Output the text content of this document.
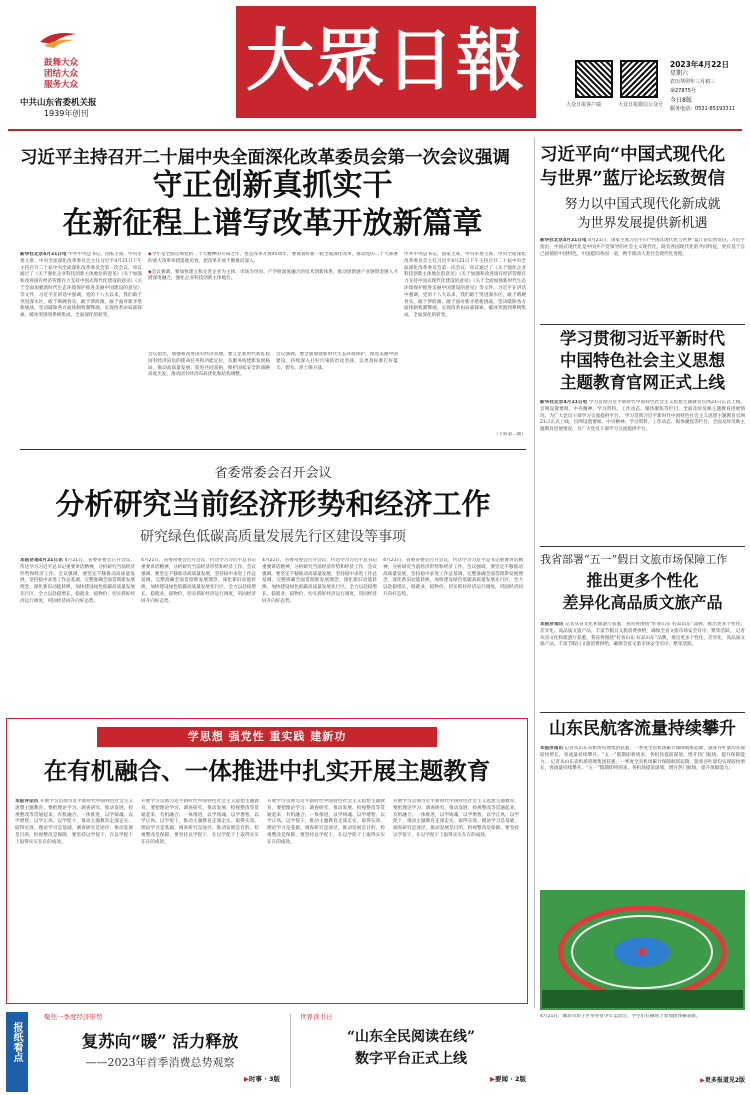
鼓舞大众
团结大众
服务大众
中共山东省委机关报
1939年创刊
大眾日報
大众日报客户端	大众日报微信公众号
2023年4月22日
星期六
农历癸卯年三月初三
第27875号
今日8版
服务电话：0531-85193311
习近平主持召开二十届中央全面深化改革委员会第一次会议强调
守正创新真抓实干
在新征程上谱写改革开放新篇章
新华社北京4月21日电 中共中央总书记、国家主席、中央军委主席、中央全面深化改革委员会主任习近平4月21日下午主持召开二十届中央全面深化改革委员会第一次会议，审议通过了《关于强化企业科技创新主体地位的意见》《关于加强和改进国有经济管理有力支持中国式现代化建设的意见》《关于全面加强新时代生态环境保护推进美丽中国建设的意见》等文件。习近平在讲话中强调，党的十八大以来，我们敢于突进深水区，敢于啃硬骨头，敢于涉险滩，敢于面对新矛盾新挑战，坚决破除各方面体制机制弊端，实现改革由局部探索、破冰突围到系统集成、全面深化的转变。
◆今年是全面贯彻党的二十大精神的开局之年，也是改革开放45周年，要谋划好新一轮全面深化改革，推动党的二十大部署的重大改革举措落地见效，把改革开放不断推向深入。
◆会议强调，要加快建立和完善企业为主体、市场为导向、产学研深度融合的技术创新体系，推动创新链产业链资金链人才链深度融合，强化企业科技创新主体地位。
会议指出，加强和改进国有经济管理，要立足新时代新征程国有经济肩负的使命任务和功能定位，从服务构建新发展格局、推动高质量发展、促进共同富裕、维护国家安全的战略高度出发，推动国有经济布局优化和结构调整。
会议强调，要全面加强新时代生态环境保护，推进美丽中国建设，持续深入打好污染防治攻坚战，以更高标准打好蓝天、碧水、净土保卫战。
中共中央总书记、国家主席、中央军委主席、中央全面深化改革委员会主任习近平4月21日下午主持召开二十届中央全面深化改革委员会第一次会议，审议通过了《关于强化企业科技创新主体地位的意见》《关于加强和改进国有经济管理有力支持中国式现代化建设的意见》《关于全面加强新时代生态环境保护推进美丽中国建设的意见》等文件。习近平在讲话中强调，党的十八大以来，我们敢于突进深水区，敢于啃硬骨头，敢于涉险滩，敢于面对新矛盾新挑战，坚决破除各方面体制机制弊端，实现改革由局部探索、破冰突围到系统集成、全面深化的转变。
（下转第二版）
省委常委会召开会议
分析研究当前经济形势和经济工作
研究绿色低碳高质量发展先行区建设等事项
本报济南4月21日讯 4月21日，省委常委会召开会议，传达学习习近平总书记重要讲话精神，分析研究当前经济形势和经济工作。会议强调，要坚定不移推动高质量发展，坚持稳中求进工作总基调，完整准确全面贯彻新发展理念，深化新旧动能转换，加快建设绿色低碳高质量发展先行区，全力以赴稳增长、稳就业、稳物价，切实抓好经济运行调度，巩固经济回升向好态势。
4月21日，省委常委会召开会议，传达学习习近平总书记重要讲话精神，分析研究当前经济形势和经济工作。会议强调，要坚定不移推动高质量发展，坚持稳中求进工作总基调，完整准确全面贯彻新发展理念，深化新旧动能转换，加快建设绿色低碳高质量发展先行区，全力以赴稳增长、稳就业、稳物价，切实抓好经济运行调度，巩固经济回升向好态势。
4月21日，省委常委会召开会议，传达学习习近平总书记重要讲话精神，分析研究当前经济形势和经济工作。会议强调，要坚定不移推动高质量发展，坚持稳中求进工作总基调，完整准确全面贯彻新发展理念，深化新旧动能转换，加快建设绿色低碳高质量发展先行区，全力以赴稳增长、稳就业、稳物价，切实抓好经济运行调度，巩固经济回升向好态势。
4月21日，省委常委会召开会议，传达学习习近平总书记重要讲话精神，分析研究当前经济形势和经济工作。会议强调，要坚定不移推动高质量发展，坚持稳中求进工作总基调，完整准确全面贯彻新发展理念，深化新旧动能转换，加快建设绿色低碳高质量发展先行区，全力以赴稳增长、稳就业、稳物价，切实抓好经济运行调度，巩固经济回升向好态势。
学思想 强党性 重实践 建新功
在有机融合、一体推进中扎实开展主题教育
本报评论员 开展学习贯彻习近平新时代中国特色社会主义思想主题教育，要把理论学习、调查研究、推动发展、检视整改等贯通起来，有机融合、一体推进，以学铸魂、以学增智、以学正风、以学促干，推动主题教育走深走实、取得实效。理论学习是基础，调查研究是途径，推动发展是目的，检视整改是保障，要坚持以学促干，在以学促干上取得实实在在的成效。
开展学习贯彻习近平新时代中国特色社会主义思想主题教育，要把理论学习、调查研究、推动发展、检视整改等贯通起来，有机融合、一体推进，以学铸魂、以学增智、以学正风、以学促干，推动主题教育走深走实、取得实效。理论学习是基础，调查研究是途径，推动发展是目的，检视整改是保障，要坚持以学促干，在以学促干上取得实实在在的成效。
开展学习贯彻习近平新时代中国特色社会主义思想主题教育，要把理论学习、调查研究、推动发展、检视整改等贯通起来，有机融合、一体推进，以学铸魂、以学增智、以学正风、以学促干，推动主题教育走深走实、取得实效。理论学习是基础，调查研究是途径，推动发展是目的，检视整改是保障，要坚持以学促干，在以学促干上取得实实在在的成效。
开展学习贯彻习近平新时代中国特色社会主义思想主题教育，要把理论学习、调查研究、推动发展、检视整改等贯通起来，有机融合、一体推进，以学铸魂、以学增智、以学正风、以学促干，推动主题教育走深走实、取得实效。理论学习是基础，调查研究是途径，推动发展是目的，检视整改是保障，要坚持以学促干，在以学促干上取得实实在在的成效。
习近平向“中国式现代化
与世界”蓝厅论坛致贺信
努力以中国式现代化新成就
为世界发展提供新机遇
新华社北京4月21日电 4月21日，国家主席习近平向“中国式现代化与世界”蓝厅论坛致贺信。习近平指出，中国式现代化是中国共产党领导的社会主义现代化，既有各国现代化的共同特征，更有基于自己国情的中国特色。中国愿同各国一道，携手推动人类社会现代化进程。
学习贯彻习近平新时代
中国特色社会主义思想
主题教育官网正式上线
新华社北京4月21日电 学习贯彻习近平新时代中国特色社会主义思想主题教育官网21日正式上线。官网设置要闻、中央精神、学习资料、工作动态、媒体聚焦等栏目，全面及时反映主题教育进展情况，为广大党员干部学习交流提供平台。 学习贯彻习近平新时代中国特色社会主义思想主题教育官网21日正式上线。官网设置要闻、中央精神、学习资料、工作动态、媒体聚焦等栏目，全面及时反映主题教育进展情况，为广大党员干部学习交流提供平台。
我省部署“五一”假日文旅市场保障工作
推出更多个性化
差异化高品质文旅产品
本报济南讯 记者从省文化和旅游厅获悉，我省将围绕“好客山东 好品山东”品牌，推出更多个性化、差异化、高品质文旅产品，丰富节假日文旅消费供给，确保全省文旅市场安全有序、繁荣活跃。 记者从省文化和旅游厅获悉，我省将围绕“好客山东 好品山东”品牌，推出更多个性化、差异化、高品质文旅产品，丰富节假日文旅消费供给，确保全省文旅市场安全有序、繁荣活跃。
山东民航客流量持续攀升
本报济南讯 记者从山东省机场管理集团获悉，一季度全省机场累计保障航班起降、旅客吞吐量均实现较快增长，客流量持续攀升。“五一”假期即将到来，各机场提前谋划，增开热门航线，提升保障能力。 记者从山东省机场管理集团获悉，一季度全省机场累计保障航班起降、旅客吞吐量均实现较快增长，客流量持续攀升。“五一”假期即将到来，各机场提前谋划，增开热门航线，提升保障能力。
4月21日，潍坊市坊子区举办青少年运动会，学生们在操场上参加团体操表演。
▶更多报道见2版
报纸看点
聚焦一季度经济形势
复苏向“暖” 活力释放
——2023年首季消费总势观察
▶时事 · 3版
世界读书日
“山东全民阅读在线”
数字平台正式上线
▶要闻 · 2版
